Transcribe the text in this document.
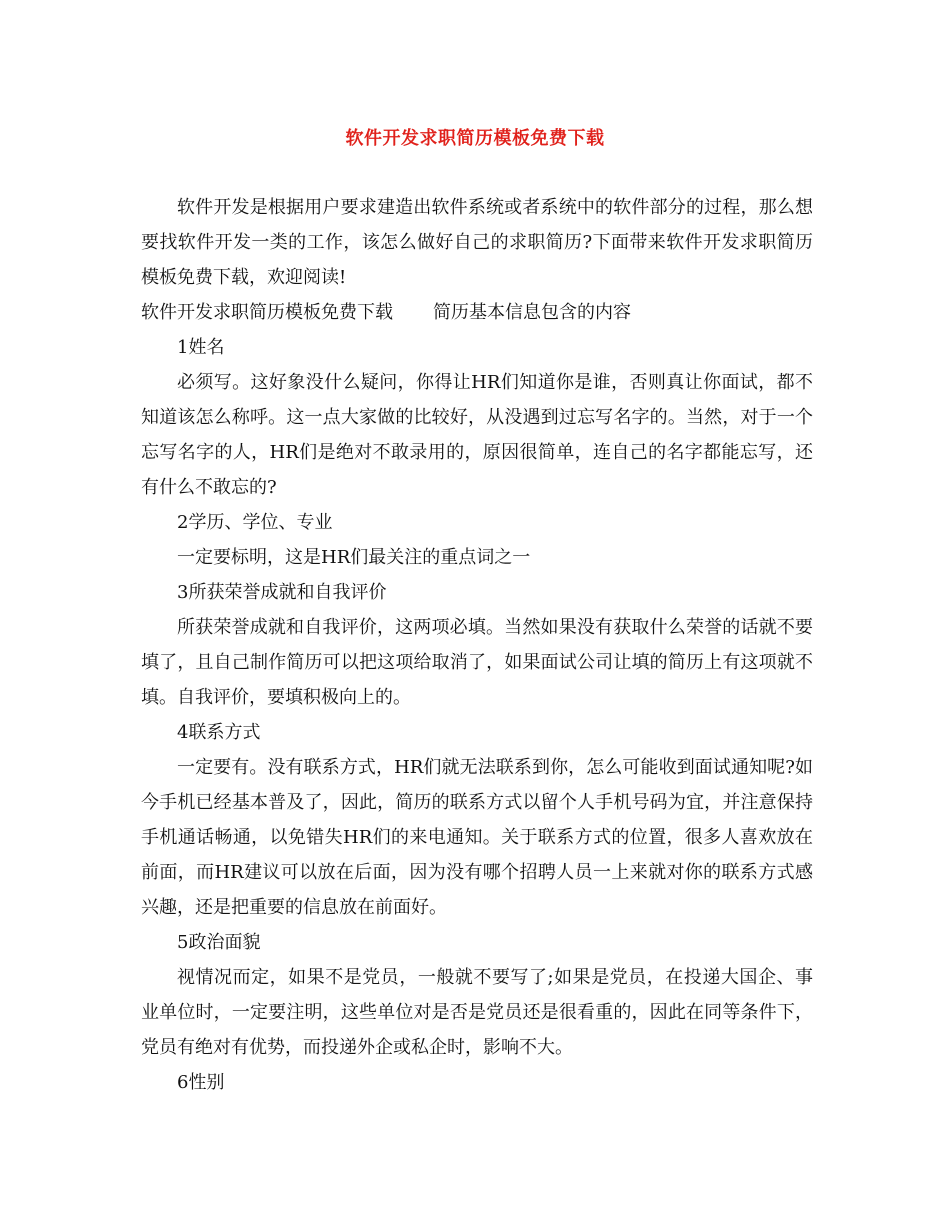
软件开发求职简历模板免费下载

软件开发是根据用户要求建造出软件系统或者系统中的软件部分的过程，那么想要找软件开发一类的工作，该怎么做好自己的求职简历?下面带来软件开发求职简历模板免费下载，欢迎阅读!

软件开发求职简历模板免费下载 简历基本信息包含的内容

1姓名

必须写。这好象没什么疑问，你得让HR们知道你是谁，否则真让你面试，都不知道该怎么称呼。这一点大家做的比较好，从没遇到过忘写名字的。当然，对于一个忘写名字的人，HR们是绝对不敢录用的，原因很简单，连自己的名字都能忘写，还有什么不敢忘的?

2学历、学位、专业

一定要标明，这是HR们最关注的重点词之一

3所获荣誉成就和自我评价

所获荣誉成就和自我评价，这两项必填。当然如果没有获取什么荣誉的话就不要填了，且自己制作简历可以把这项给取消了，如果面试公司让填的简历上有这项就不填。自我评价，要填积极向上的。

4联系方式

一定要有。没有联系方式，HR们就无法联系到你，怎么可能收到面试通知呢?如今手机已经基本普及了，因此，简历的联系方式以留个人手机号码为宜，并注意保持手机通话畅通，以免错失HR们的来电通知。关于联系方式的位置，很多人喜欢放在前面，而HR建议可以放在后面，因为没有哪个招聘人员一上来就对你的联系方式感兴趣，还是把重要的信息放在前面好。

5政治面貌

视情况而定，如果不是党员，一般就不要写了;如果是党员，在投递大国企、事业单位时，一定要注明，这些单位对是否是党员还是很看重的，因此在同等条件下，党员有绝对有优势，而投递外企或私企时，影响不大。

6性别
